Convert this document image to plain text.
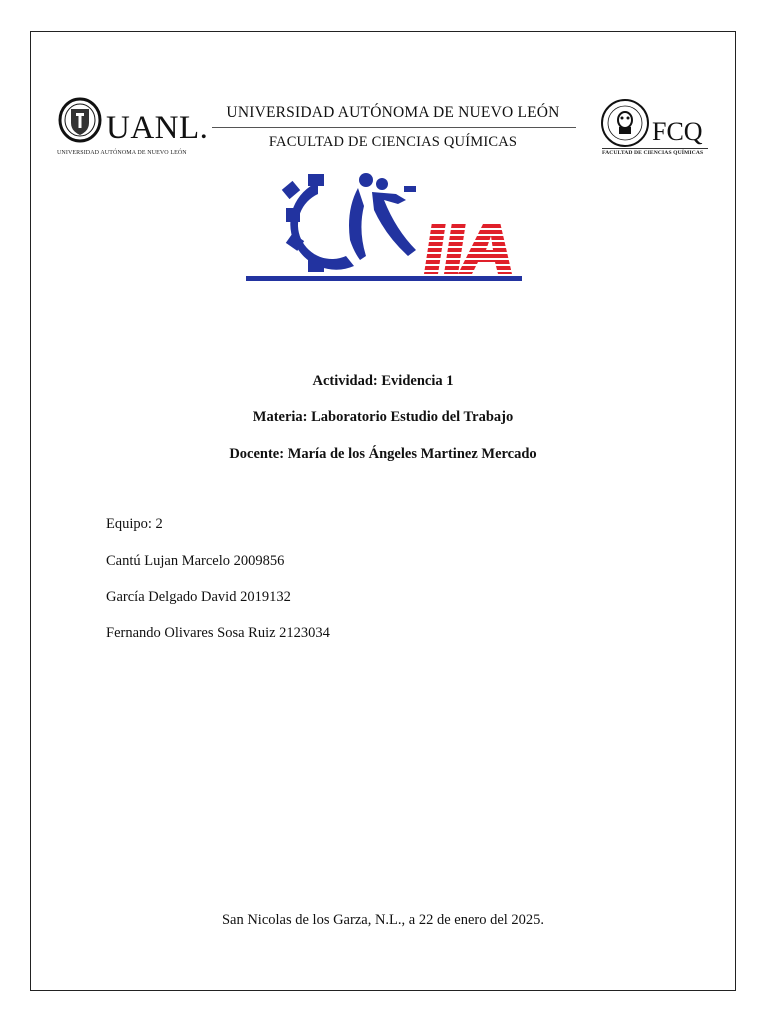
UANL.
UNIVERSIDAD AUTÓNOMA DE NUEVO LEÓN
UNIVERSIDAD AUTÓNOMA DE NUEVO LEÓN
FACULTAD DE CIENCIAS QUÍMICAS	FCQ
FACULTAD DE CIENCIAS QUÍMICAS
Actividad: Evidencia 1
Materia: Laboratorio Estudio del Trabajo
Docente: María de los Ángeles Martinez Mercado
Equipo: 2
Cantú Lujan Marcelo 2009856
García Delgado David 2019132
Fernando Olivares Sosa Ruiz 2123034
San Nicolas de los Garza, N.L., a 22 de enero del 2025.
